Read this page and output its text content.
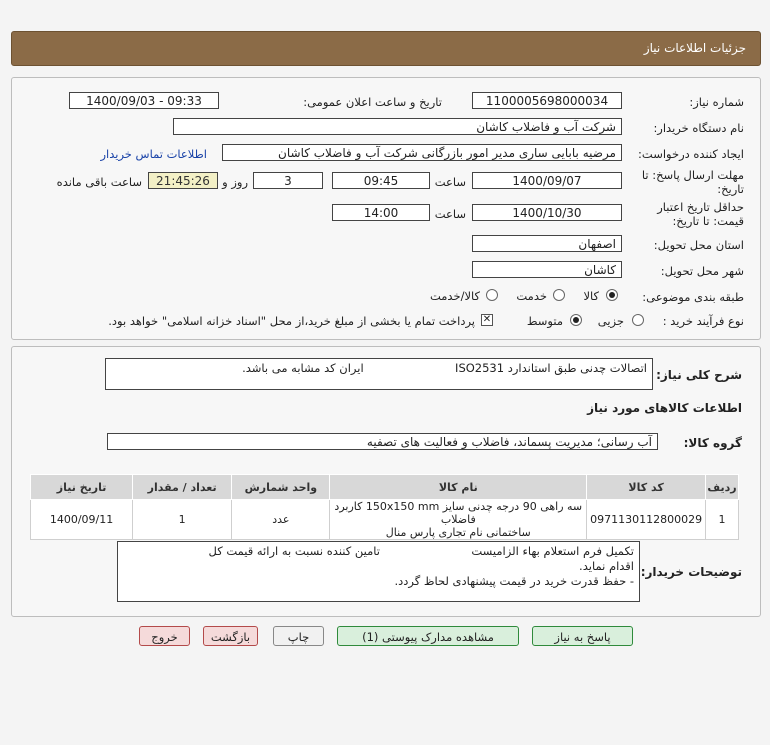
جزئیات اطلاعات نیاز
شماره نیاز:
1100005698000034
تاریخ و ساعت اعلان عمومی:
1400/09/03 - 09:33
نام دستگاه خریدار:
شرکت آب و فاضلاب کاشان
ایجاد کننده درخواست:
مرضیه بابایی ساری مدیر امور بازرگانی شرکت آب و فاضلاب کاشان
اطلاعات تماس خریدار
مهلت ارسال پاسخ: تا
تاریخ:
1400/09/07
ساعت
09:45
3
روز و
21:45:26
ساعت باقی مانده
حداقل تاریخ اعتبار
قیمت: تا تاریخ:
1400/10/30
ساعت
14:00
استان محل تحویل:
اصفهان
شهر محل تحویل:
کاشان
طبقه بندی موضوعی:
کالا
خدمت
کالا/خدمت
نوع فرآیند خرید :
جزیی
متوسط
✕
پرداخت تمام یا بخشی از مبلغ خرید،از محل "اسناد خزانه اسلامی" خواهد بود.
شرح کلی نیاز:
اتصالات چدنی طبق استاندارد ISO2531                         ایران کد مشابه می باشد.
اطلاعات کالاهای مورد نیاز
گروه کالا:
آب رسانی؛ مدیریت پسماند، فاضلاب و فعالیت های تصفیه
ردیف	کد کالا	نام کالا	واحد شمارش	تعداد / مقدار	تاریخ نیاز
1	0971130112800029	سه راهی 90 درجه چدنی سایز 150x150 mm کاربرد فاضلاب
ساختمانی نام تجاری پارس منال	عدد	1	1400/09/11
توضیحات خریدار:
تکمیل فرم استعلام بهاء الزامیست                         تامین کننده نسبت به ارائه قیمت کل
اقدام نماید.
- حفظ قدرت خرید در قیمت پیشنهادی لحاظ گردد.
پاسخ به نیاز
مشاهده مدارک پیوستی (1)
چاپ
بازگشت
خروج
